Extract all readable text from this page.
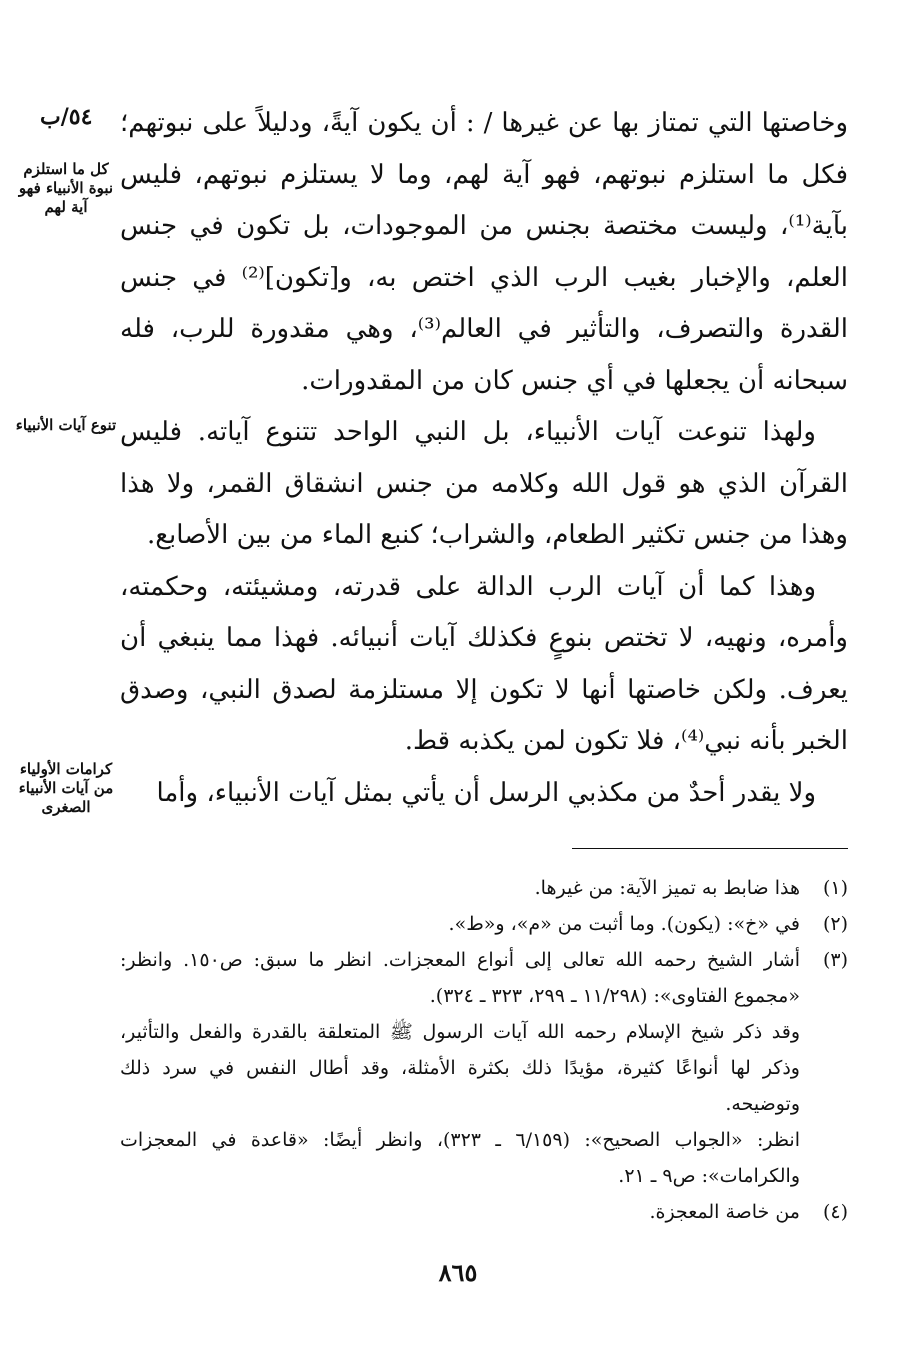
٥٤/ب
كل ما استلزم نبوة الأنبياء فهو آية لهم
تنوع آيات الأنبياء
كرامات الأولياء من آيات الأنبياء الصغرى

وخاصتها التي تمتاز بها عن غيرها / : أن يكون آيةً، ودليلاً على نبوتهم؛ فكل ما استلزم نبوتهم، فهو آية لهم، وما لا يستلزم نبوتهم، فليس بآية⁽¹⁾، وليست مختصة بجنس من الموجودات، بل تكون في جنس العلم، والإخبار بغيب الرب الذي اختص به، و[تكون]⁽²⁾ في جنس القدرة والتصرف، والتأثير في العالم⁽³⁾، وهي مقدورة للرب، فله سبحانه أن يجعلها في أي جنس كان من المقدورات.

ولهذا تنوعت آيات الأنبياء، بل النبي الواحد تتنوع آياته. فليس القرآن الذي هو قول الله وكلامه من جنس انشقاق القمر، ولا هذا وهذا من جنس تكثير الطعام، والشراب؛ كنبع الماء من بين الأصابع.

وهذا كما أن آيات الرب الدالة على قدرته، ومشيئته، وحكمته، وأمره، ونهيه، لا تختص بنوعٍ فكذلك آيات أنبيائه. فهذا مما ينبغي أن يعرف. ولكن خاصتها أنها لا تكون إلا مستلزمة لصدق النبي، وصدق الخبر بأنه نبي⁽⁴⁾، فلا تكون لمن يكذبه قط.

ولا يقدر أحدٌ من مكذبي الرسل أن يأتي بمثل آيات الأنبياء، وأما

(١)
هذا ضابط به تميز الآية: من غيرها.
(٢)
في «خ»: (يكون). وما أثبت من «م»، و«ط».
(٣)
أشار الشيخ رحمه الله تعالى إلى أنواع المعجزات. انظر ما سبق: ص١٥٠. وانظر: «مجموع الفتاوى»: (١١/٢٩٨ ـ ٢٩٩، ٣٢٣ ـ ٣٢٤).
وقد ذكر شيخ الإسلام رحمه الله آيات الرسول ﷺ المتعلقة بالقدرة والفعل والتأثير، وذكر لها أنواعًا كثيرة، مؤيدًا ذلك بكثرة الأمثلة، وقد أطال النفس في سرد ذلك وتوضيحه.
انظر: «الجواب الصحيح»: (٦/١٥٩ ـ ٣٢٣)، وانظر أيضًا: «قاعدة في المعجزات والكرامات»: ص٩ ـ ٢١.
(٤)
من خاصة المعجزة.
٨٦٥
